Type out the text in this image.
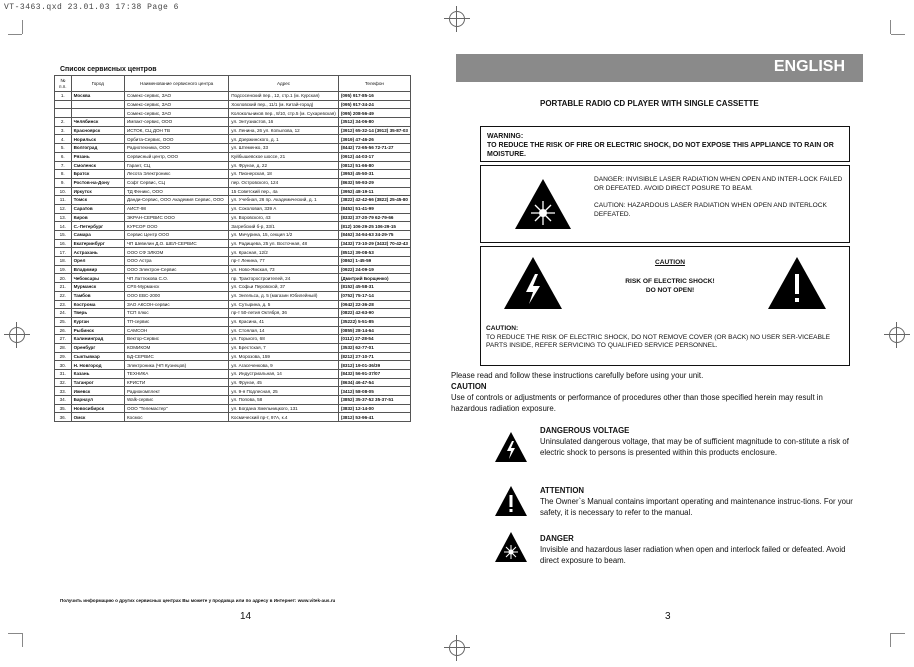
VT-3463.qxd 23.01.03 17:38 Page 6
Список сервисных центров
№ п.п.	Город	Наименование сервисного центра	Адрес	Телефон
1.	Москва	Сомекс-сервис, ЗАО	Подсосенский пер., 12, стр.1 (м. Курская)	(095) 917-85-16
		Сомекс-сервис, ЗАО	Хохловский пер., 11/1 (м. Китай-город)	(095) 917-34-24
		Сомекс-сервис, ЗАО	Колокольников пер., 8/10, стр.5 (м. Сухаревская)	(095) 208-56-49
2.	Челябинск	Импакт-сервис, ООО	ул. Энтузиастов, 16	(3512) 34-06-80
3.	Красноярск	ИСТОК, СЦ ДОН ТВ	ул. Ленина, 26 ул. Копылова, 12	(3912) 65-32-14 (3912) 35-87-03
4.	Норильск	Орбита-Сервис, ООО	ул. Дзержинского, д. 1	(3919) 47-46-26
5.	Волгоград	Радиотехника, ООО	ул. Штеменко, 33	(8442) 72-65-56 72-71-27
6.	Рязань	Сервисный центр, ООО	Куйбышевское шоссе, 21	(0912) 44-03-17
7.	Смоленск	Гарант, СЦ	ул. Фрунзе, д. 22	(0812) 51-66-80
8.	Братск	Лесота Электроникс	ул. Пионерская, 18	(3953) 45-50-31
9.	Ростов-на-Дону	Софт Сервис, СЦ	пер. Островского, 124	(8632) 59-93-29
10.	Иркутск	ТД Феникс, ООО	15 Советский пер., 4а	(3952) 48-19-11
11.	Томск	Данди-Сервис, ООО Академия Сервис, ООО	ул. Учебная, 26 пр. Академический, д. 1	(3822) 42-42-66 (3822) 25-45-80
12.	Саратов	АИСТ-98	ул. Соколовая, 339 А	(8452) 51-41-99
13.	Киров	ЭКРАН-СЕРВИС ООО	ул. Воровского, 43	(8332) 37-20-79 62-79-66
14.	С.-Петербург	КУРСОР ООО	Загребский б-р, 33/1	(812) 106-29-25 106-29-15
15.	Самара	Сервис Центр ООО	ул. Мичурина, 15, секция 1/2	(8462) 34-94-63 34-29-75
16.	Екатеринбург	ЧП Шевелин Д.О. ШЕЛ-СЕРВИС	ул. Радищева, 25 ул. Восточная, 48	(3432) 73-10-29 (3432) 70-42-43
17.	Астрахань	ООО СФ ЭЛКОМ	ул. Красная, 12/2	(8512) 39-08-53
18.	Орел	ООО Астра	пр-т Ленина, 77	(0862) 1-45-59
19.	Владимир	ООО Электрон-Сервис	ул. Ново-Ямская, 73	(0922) 24-09-19
20.	Чебоксары	ЧП Латтюкова С.О.	пр. Тракторостроителей, 24	(Дмитрий Борщенко)
21.	Мурманск	CPS-Мурманск	ул. Софьи Перовской, 37	(8152) 45-58-31
22.	Тамбов	ООО ЕВС-2000	ул. Энгельса, д. 5 (магазин Юбилейный)	(0752) 75-17-14
23.	Кострома	ЗАО АКСОН-сервис	ул. Сутырина, д. 5	(0942) 22-36-28
24.	Тверь	ТСП плюс	пр-т 50-летия Октября, 36	(0822) 42-63-90
25.	Курган	ТП-сервис	ул. Красина, 41	(35222) 5-51-85
26.	Рыбинск	САМСОН	ул. Стоялая, 14	(0855) 28-14-64
27.	Калининград	Вектор-Сервис	ул. Горького, 68	(0112) 27-28-54
28.	Оренбург	КОМИКОМ	ул. Брестская, 7	(3532) 62-77-01
29.	Сыктывкар	БД-СЕРВИС	ул. Морозова, 159	(8212) 27-10-71
30.	Н. Новгород	Электроника (ЧП Кузнецов)	ул. Агасеченкова, 9	(8312) 19-01-36/39
31.	Казань	ТЕХНИКА	ул. Индустриальная, 14	(8432) 56-91-37/07
32.	Таганрог	КРИСТИ	ул. Фрунзе, 45	(8634) 46-47-54
33.	Ижевск	Радиокомплект	ул. 9-я Подлесная, 25	(3412) 58-08-05
34.	Барнаул	Walk-сервис	ул. Попова, 58	(3852) 35-37-52 35-37-51
35.	Новосибирск	ООО "Телемастер"	ул. Богдана Хмельницкого, 131	(3832) 12-14-00
36.	Омск	Космос	Космический пр-т, 97А, к.4	(3812) 53-96-41
Получить информацию о других сервисных центрах Вы можете у продавца или по адресу в Интернет: www.vitek-aus.ru
14
ENGLISH
PORTABLE RADIO CD PLAYER WITH SINGLE CASSETTE
WARNING:
TO REDUCE THE RISK OF FIRE OR ELECTRIC SHOCK, DO NOT EXPOSE THIS APPLIANCE TO RAIN OR MOISTURE.

DANGER: INVISIBLE LASER RADIATION WHEN OPEN AND INTER-LOCK FAILED OR DEFEATED. AVOID DIRECT POSURE TO BEAM.

CAUTION: HAZARDOUS LASER RADIATION WHEN OPEN AND INTERLOCK DEFEATED.

CAUTION
RISK OF ELECTRIC SHOCK!
DO NOT OPEN!
CAUTION:
TO REDUCE THE RISK OF ELECTRIC SHOCK, DO NOT REMOVE COVER (OR BACK) NO USER SER-VICEABLE PARTS INSIDE, REFER SERVICING TO QUALIFIED SERVICE PERSONNEL.

Please read and follow these instructions carefully before using your unit.

CAUTION

Use of controls or adjustments or performance of procedures other than those specified herein may result in hazardous radiation exposure.

DANGEROUS VOLTAGE
Uninsulated dangerous voltage, that may be of sufficient magnitude to con-stitute a risk of electric shock to persons is presented within this products enclosure.
ATTENTION
The Owner`s Manual contains important operating and maintenance instruc-tions. For your safety, it is necessary to refer to the manual.
DANGER
Invisible and hazardous laser radiation when open and interlock failed or defeated. Avoid direct exposure to beam.
3
